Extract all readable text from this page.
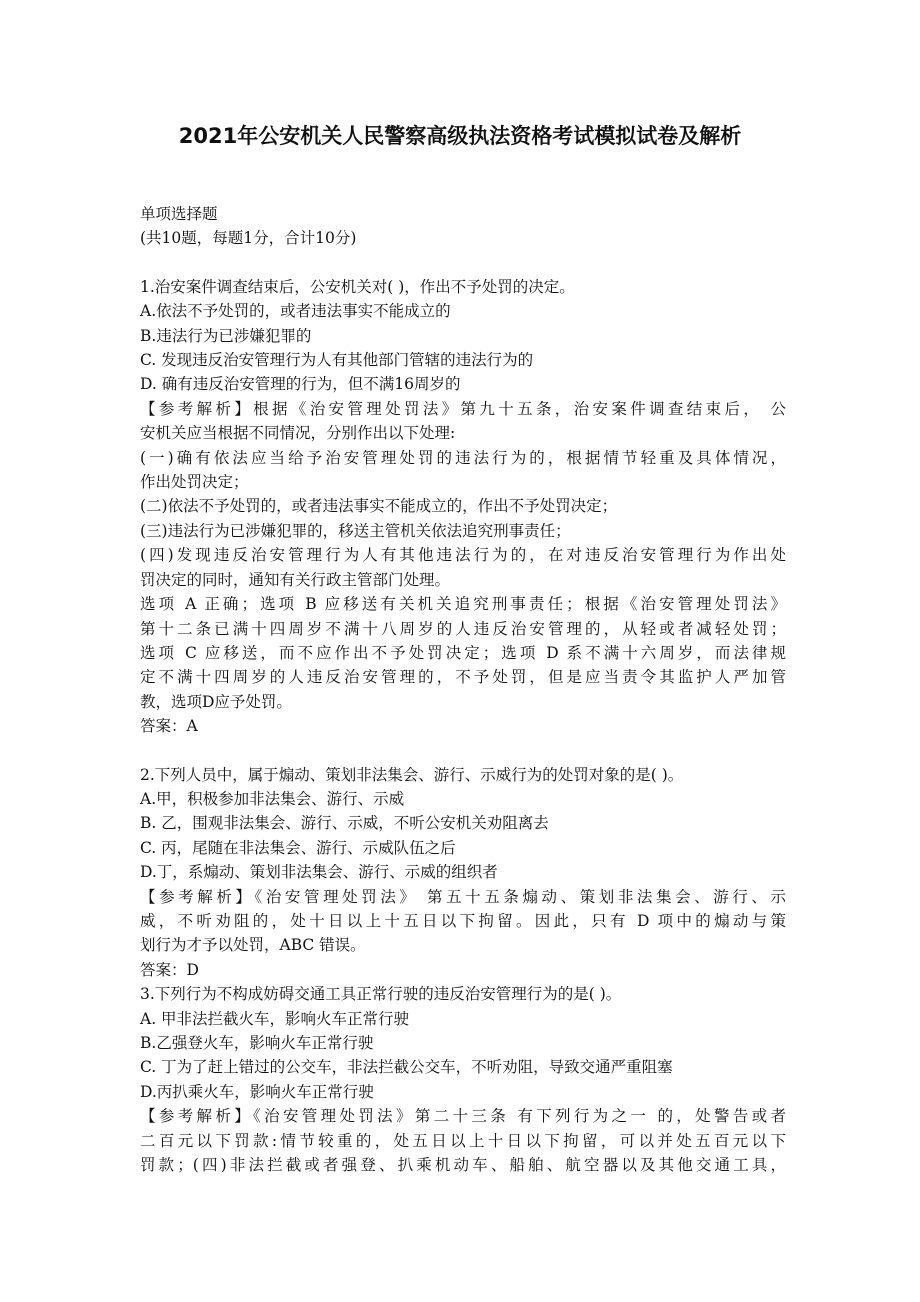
2021年公安机关人民警察高级执法资格考试模拟试卷及解析

单项选择题

(共10题，每题1分，合计10分)

1.治安案件调查结束后，公安机关对( )，作出不予处罚的决定。

A.依法不予处罚的，或者违法事实不能成立的

B.违法行为已涉嫌犯罪的

C. 发现违反治安管理行为人有其他部门管辖的违法行为的

D. 确有违反治安管理的行为，但不满16周岁的

【参考解析】根据《治安管理处罚法》第九十五条，治安案件调查结束后， 公

安机关应当根据不同情况，分别作出以下处理:

(一)确有依法应当给予治安管理处罚的违法行为的，根据情节轻重及具体情况，

作出处罚决定；

(二)依法不予处罚的，或者违法事实不能成立的，作出不予处罚决定；

(三)违法行为已涉嫌犯罪的，移送主管机关依法追究刑事责任；

(四)发现违反治安管理行为人有其他违法行为的，在对违反治安管理行为作出处

罚决定的同时，通知有关行政主管部门处理。

选项 A 正确；选项 B 应移送有关机关追究刑事责任；根据《治安管理处罚法》

第十二条已满十四周岁不满十八周岁的人违反治安管理的，从轻或者减轻处罚；

选项 C 应移送，而不应作出不予处罚决定；选项 D 系不满十六周岁，而法律规

定不满十四周岁的人违反治安管理的，不予处罚，但是应当责令其监护人严加管

教，选项D应予处罚。

答案：A

2.下列人员中，属于煽动、策划非法集会、游行、示威行为的处罚对象的是( )。

A.甲，积极参加非法集会、游行、示威

B. 乙，围观非法集会、游行、示威，不听公安机关劝阻离去

C. 丙，尾随在非法集会、游行、示威队伍之后

D.丁，系煽动、策划非法集会、游行、示威的组织者

【参考解析】《治安管理处罚法》 第五十五条煽动、策划非法集会、游行、示

威，不听劝阻的，处十日以上十五日以下拘留。因此，只有 D 项中的煽动与策

划行为才予以处罚，ABC 错误。

答案：D

3.下列行为不构成妨碍交通工具正常行驶的违反治安管理行为的是( )。

A. 甲非法拦截火车，影响火车正常行驶

B.乙强登火车，影响火车正常行驶

C. 丁为了赶上错过的公交车，非法拦截公交车，不听劝阻，导致交通严重阻塞

D.丙扒乘火车，影响火车正常行驶

【参考解析】《治安管理处罚法》第二十三条 有下列行为之一 的，处警告或者

二百元以下罚款:情节较重的，处五日以上十日以下拘留，可以并处五百元以下

罚款；(四)非法拦截或者强登、扒乘机动车、船舶、航空器以及其他交通工具，
